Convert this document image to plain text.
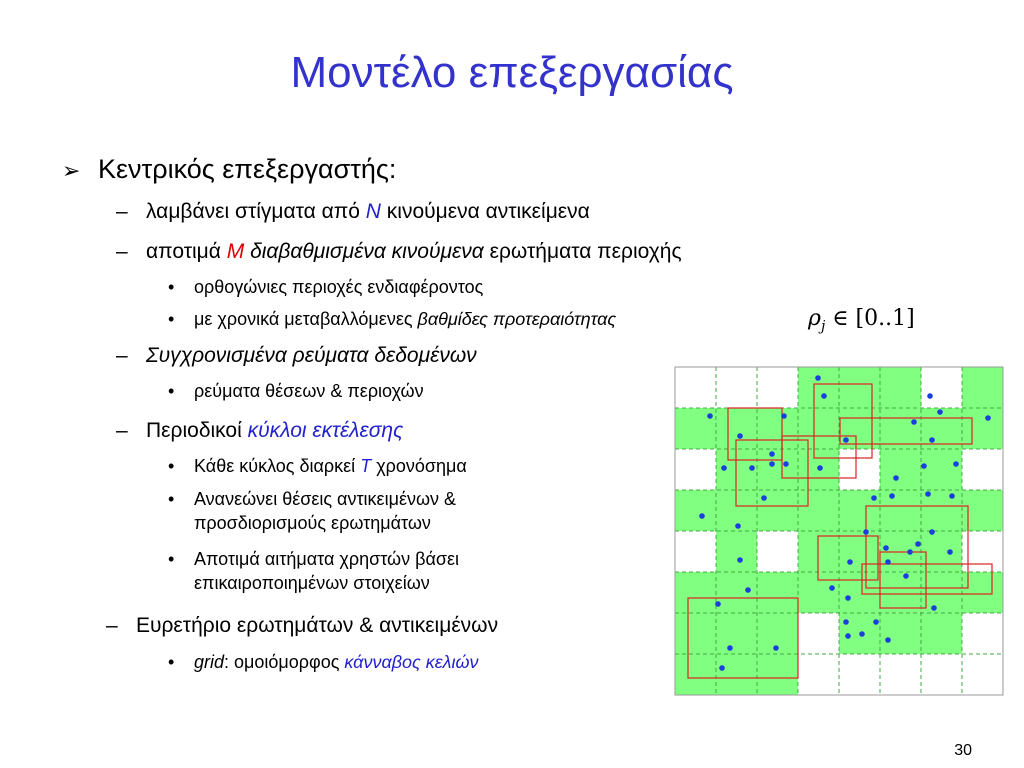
Μοντέλο επεξεργασίας
➢ Κεντρικός επεξεργαστής:
– λαμβάνει στίγματα από N κινούμενα αντικείμενα
– αποτιμά M διαβαθμισμένα κινούμενα ερωτήματα περιοχής
• ορθογώνιες περιοχές ενδιαφέροντος
• με χρονικά μεταβαλλόμενες βαθμίδες προτεραιότητας	$\rho_j$ ∈ [0..1]
– Συγχρονισμένα ρεύματα δεδομένων
• ρεύματα θέσεων & περιοχών
– Περιοδικοί κύκλοι εκτέλεσης
• Κάθε κύκλος διαρκεί T χρονόσημα
• Ανανεώνει θέσεις αντικειμένων &
προσδιορισμούς ερωτημάτων
• Αποτιμά αιτήματα χρηστών βάσει
επικαιροποιημένων στοιχείων
– Ευρετήριο ερωτημάτων & αντικειμένων
• grid: ομοιόμορφος κάνναβος κελιών
30
